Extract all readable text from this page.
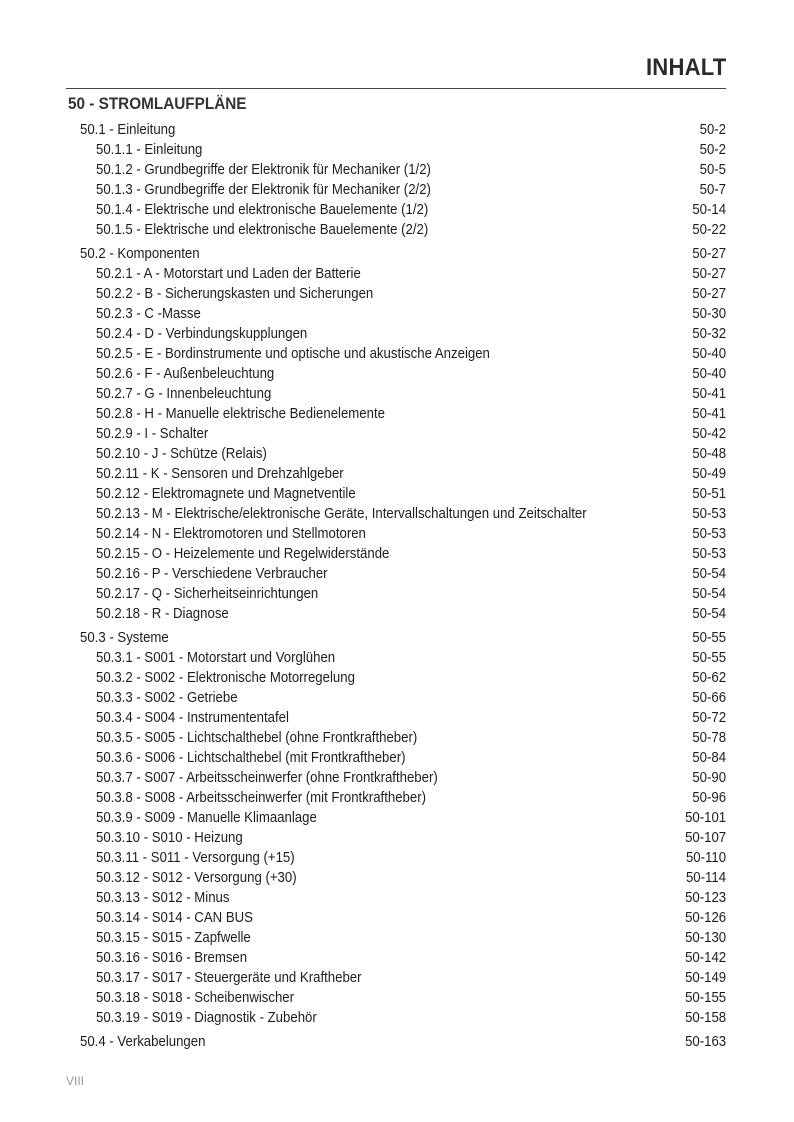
INHALT
50 - STROMLAUFPLÄNE
50.1 - Einleitung	50-2
50.1.1 - Einleitung	50-2
50.1.2 - Grundbegriffe der Elektronik für Mechaniker (1/2)	50-5
50.1.3 - Grundbegriffe der Elektronik für Mechaniker (2/2)	50-7
50.1.4 - Elektrische und elektronische Bauelemente (1/2)	50-14
50.1.5 - Elektrische und elektronische Bauelemente (2/2)	50-22
50.2 - Komponenten	50-27
50.2.1 - A - Motorstart und Laden der Batterie	50-27
50.2.2 - B - Sicherungskasten und Sicherungen	50-27
50.2.3 - C -Masse	50-30
50.2.4 - D - Verbindungskupplungen	50-32
50.2.5 - E - Bordinstrumente und optische und akustische Anzeigen	50-40
50.2.6 - F - Außenbeleuchtung	50-40
50.2.7 - G - Innenbeleuchtung	50-41
50.2.8 - H - Manuelle elektrische Bedienelemente	50-41
50.2.9 - I - Schalter	50-42
50.2.10 - J - Schütze (Relais)	50-48
50.2.11 - K - Sensoren und Drehzahlgeber	50-49
50.2.12 - Elektromagnete und Magnetventile	50-51
50.2.13 - M - Elektrische/elektronische Geräte, Intervallschaltungen und Zeitschalter	50-53
50.2.14 - N - Elektromotoren und Stellmotoren	50-53
50.2.15 - O - Heizelemente und Regelwiderstände	50-53
50.2.16 - P - Verschiedene Verbraucher	50-54
50.2.17 - Q - Sicherheitseinrichtungen	50-54
50.2.18 - R - Diagnose	50-54
50.3 - Systeme	50-55
50.3.1 - S001 - Motorstart und Vorglühen	50-55
50.3.2 - S002 - Elektronische Motorregelung	50-62
50.3.3 - S002 - Getriebe	50-66
50.3.4 - S004 - Instrumententafel	50-72
50.3.5 - S005 - Lichtschalthebel (ohne Frontkraftheber)	50-78
50.3.6 - S006 - Lichtschalthebel (mit Frontkraftheber)	50-84
50.3.7 - S007 - Arbeitsscheinwerfer (ohne Frontkraftheber)	50-90
50.3.8 - S008 - Arbeitsscheinwerfer (mit Frontkraftheber)	50-96
50.3.9 - S009 - Manuelle Klimaanlage	50-101
50.3.10 - S010 - Heizung	50-107
50.3.11 - S011 - Versorgung (+15)	50-110
50.3.12 - S012 - Versorgung (+30)	50-114
50.3.13 - S012 - Minus	50-123
50.3.14 - S014 - CAN BUS	50-126
50.3.15 - S015 - Zapfwelle	50-130
50.3.16 - S016 - Bremsen	50-142
50.3.17 - S017 - Steuergeräte und Kraftheber	50-149
50.3.18 - S018 - Scheibenwischer	50-155
50.3.19 - S019 - Diagnostik - Zubehör	50-158
50.4 - Verkabelungen	50-163
VIII
